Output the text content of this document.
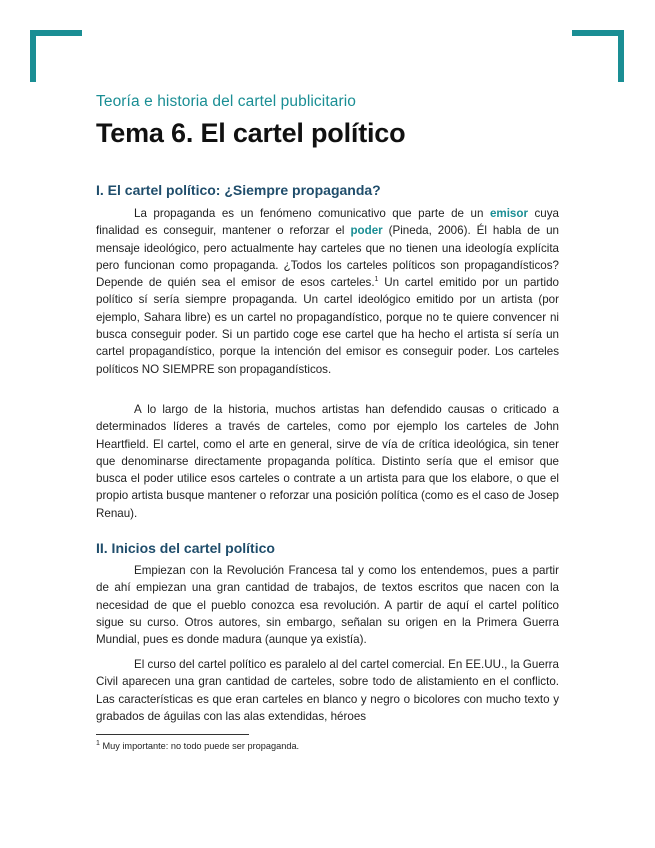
Teoría e historia del cartel publicitario
Tema 6. El cartel político
I. El cartel político: ¿Siempre propaganda?

La propaganda es un fenómeno comunicativo que parte de un emisor cuya finalidad es conseguir, mantener o reforzar el poder (Pineda, 2006). Él habla de un mensaje ideológico, pero actualmente hay carteles que no tienen una ideología explícita pero funcionan como propaganda. ¿Todos los carteles políticos son propagandísticos? Depende de quién sea el emisor de esos carteles.$^1$ Un cartel emitido por un partido político sí sería siempre propaganda. Un cartel ideológico emitido por un artista (por ejemplo, Sahara libre) es un cartel no propagandístico, porque no te quiere convencer ni busca conseguir poder. Si un partido coge ese cartel que ha hecho el artista sí sería un cartel propagandístico, porque la intención del emisor es conseguir poder. Los carteles políticos NO SIEMPRE son propagandísticos.

A lo largo de la historia, muchos artistas han defendido causas o criticado a determinados líderes a través de carteles, como por ejemplo los carteles de John Heartfield. El cartel, como el arte en general, sirve de vía de crítica ideológica, sin tener que denominarse directamente propaganda política. Distinto sería que el emisor que busca el poder utilice esos carteles o contrate a un artista para que los elabore, o que el propio artista busque mantener o reforzar una posición política (como es el caso de Josep Renau).

II. Inicios del cartel político

Empiezan con la Revolución Francesa tal y como los entendemos, pues a partir de ahí empiezan una gran cantidad de trabajos, de textos escritos que nacen con la necesidad de que el pueblo conozca esa revolución. A partir de aquí el cartel político sigue su curso. Otros autores, sin embargo, señalan su origen en la Primera Guerra Mundial, pues es donde madura (aunque ya existía).

El curso del cartel político es paralelo al del cartel comercial. En EE.UU., la Guerra Civil aparecen una gran cantidad de carteles, sobre todo de alistamiento en el conflicto. Las características es que eran carteles en blanco y negro o bicolores con mucho texto y grabados de águilas con las alas extendidas, héroes

$^1$ Muy importante: no todo puede ser propaganda.
